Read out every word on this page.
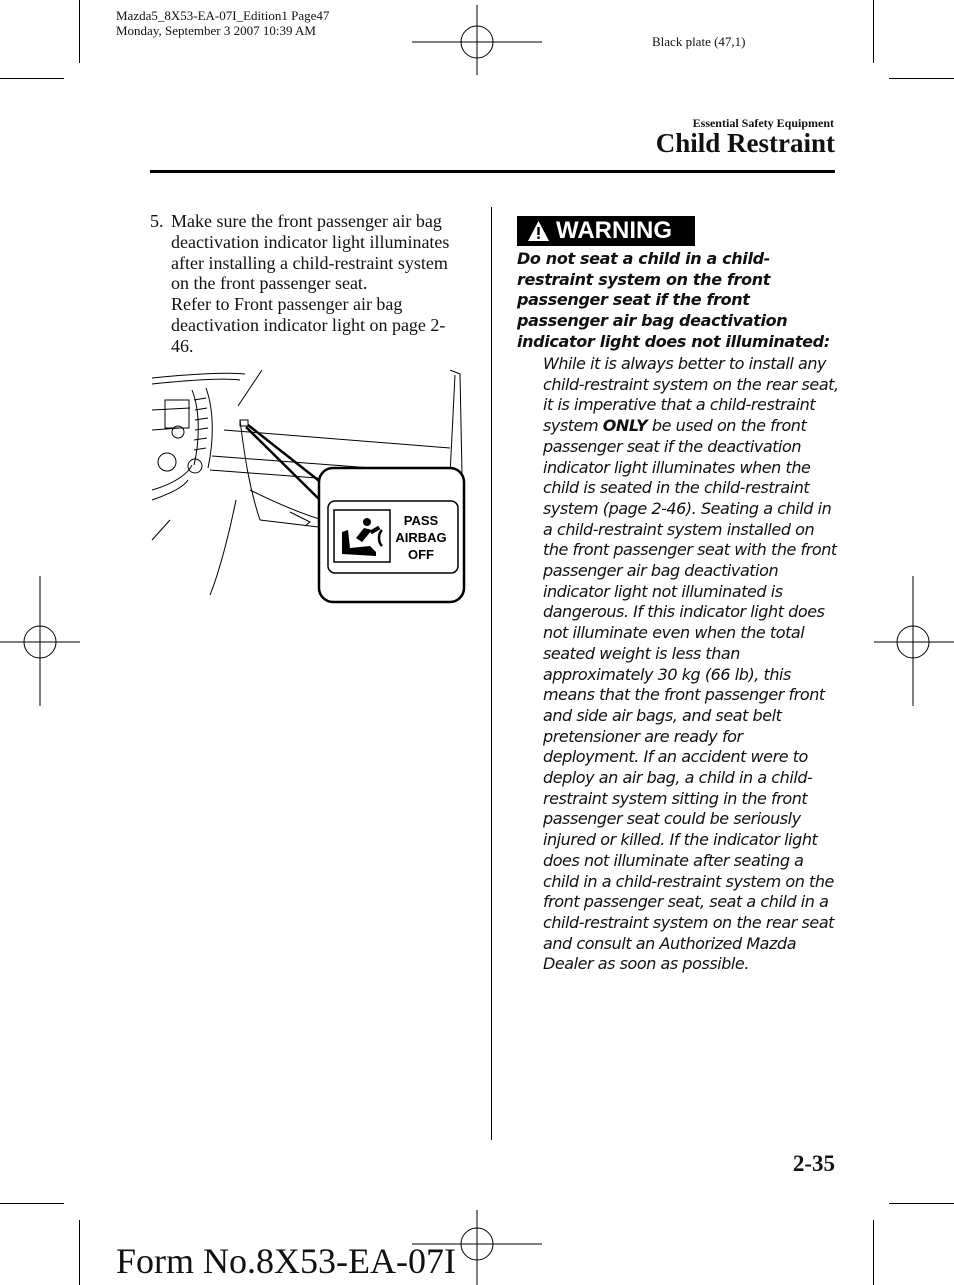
Mazda5_8X53-EA-07I_Edition1 Page47
Monday, September 3 2007 10:39 AM
Black plate (47,1)
Essential Safety Equipment
Child Restraint
5. Make sure the front passenger air bag deactivation indicator light illuminates after installing a child-restraint system on the front passenger seat.
Refer to Front passenger air bag deactivation indicator light on page 2-46.
PASS
AIRBAG
OFF
WARNING
Do not seat a child in a child-restraint system on the front passenger seat if the front passenger air bag deactivation indicator light does not illuminated:
While it is always better to install any child-restraint system on the rear seat, it is imperative that a child-restraint system ONLY be used on the front passenger seat if the deactivation indicator light illuminates when the child is seated in the child-restraint system (page 2-46). Seating a child in a child-restraint system installed on the front passenger seat with the front passenger air bag deactivation indicator light not illuminated is dangerous. If this indicator light does not illuminate even when the total seated weight is less than approximately 30 kg (66 lb), this means that the front passenger front and side air bags, and seat belt pretensioner are ready for deployment. If an accident were to deploy an air bag, a child in a child-restraint system sitting in the front passenger seat could be seriously injured or killed. If the indicator light does not illuminate after seating a child in a child-restraint system on the front passenger seat, seat a child in a child-restraint system on the rear seat and consult an Authorized Mazda Dealer as soon as possible.
2-35
Form No.8X53-EA-07I
